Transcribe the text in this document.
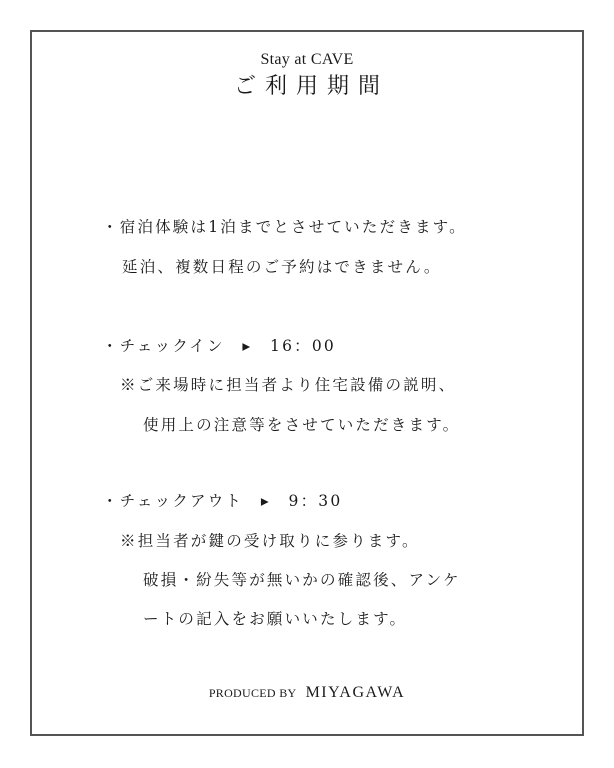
Stay at CAVE
ご利用期間
・宿泊体験は1泊までとさせていただきます。
延泊、複数日程のご予約はできません。
・チェックイン　▸　16：00
※ご来場時に担当者より住宅設備の説明、
使用上の注意等をさせていただきます。
・チェックアウト　▸　9：30
※担当者が鍵の受け取りに参ります。
破損・紛失等が無いかの確認後、アンケ
ートの記入をお願いいたします。
PRODUCED BY MIYAGAWA
